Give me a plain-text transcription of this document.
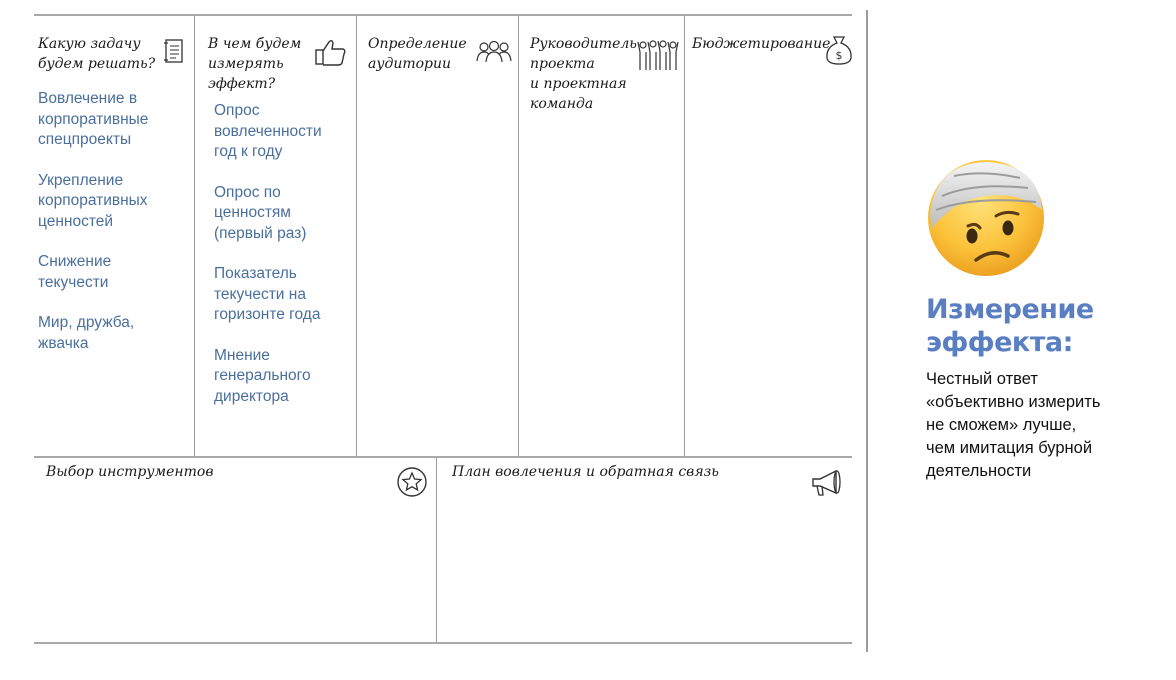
Какую задачу
будем решать?
Вовлечение в
корпоративные
спецпроекты
Укрепление
корпоративных
ценностей
Снижение
текучести
Мир, дружба,
жвачка
В чем будем
измерять
эффект?
Опрос
вовлеченности
год к году
Опрос по
ценностям
(первый раз)
Показатель
текучести на
горизонте года
Мнение
генерального
директора
Определение
аудитории
Руководитель
проекта
и проектная
команда
Бюджетирование
$
Выбор инструментов	План вовлечения и обратная связь
Измерение
эффекта:
Честный ответ
«объективно измерить
не сможем» лучше,
чем имитация бурной
деятельности
